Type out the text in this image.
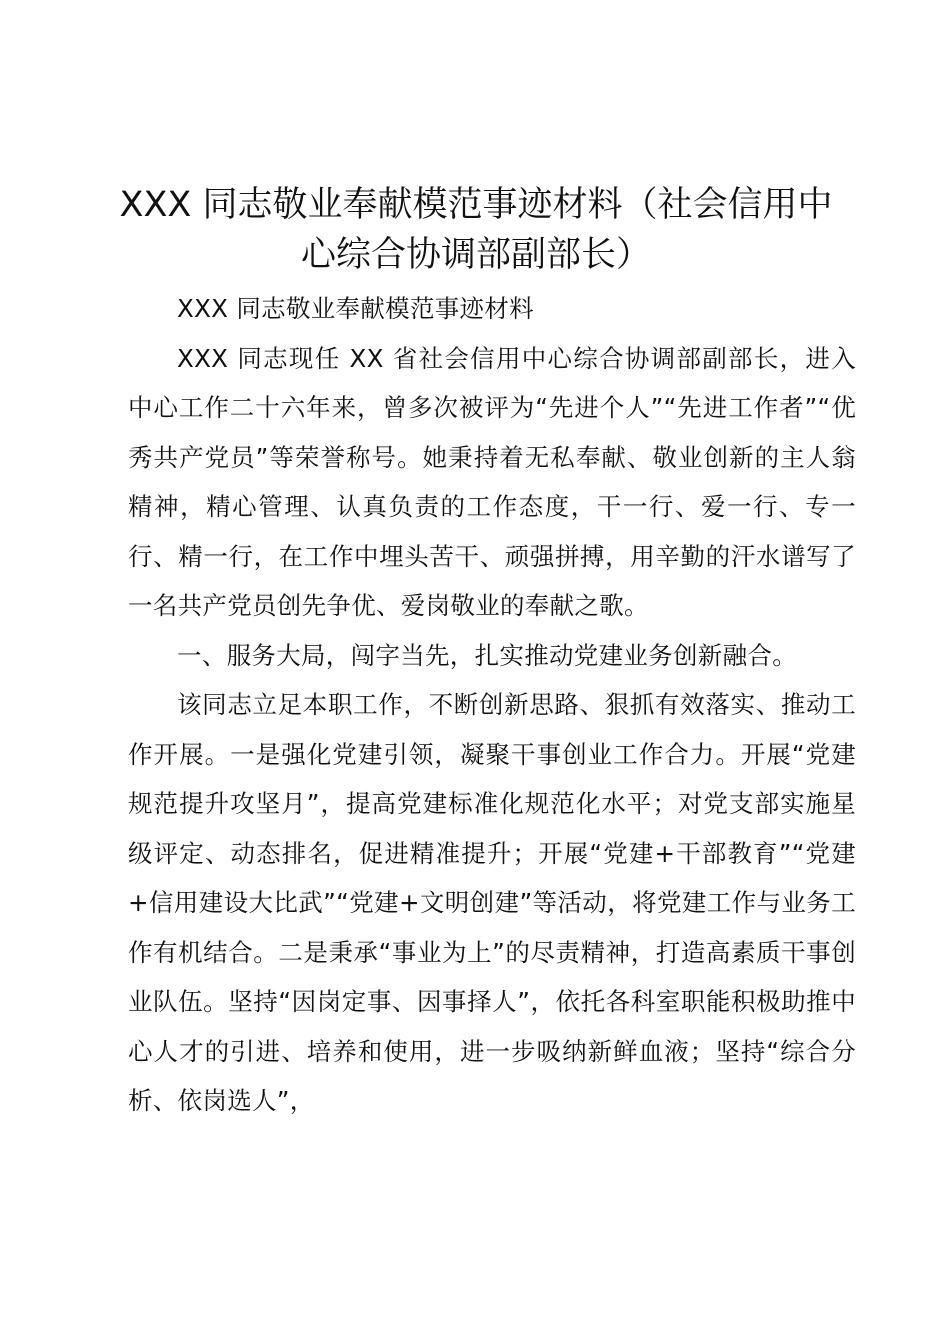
XXX 同志敬业奉献模范事迹材料（社会信用中心综合协调部副部长）

XXX 同志敬业奉献模范事迹材料

XXX 同志现任 XX 省社会信用中心综合协调部副部长，进入中心工作二十六年来，曾多次被评为“先进个人”“先进工作者”“优秀共产党员”等荣誉称号。她秉持着无私奉献、敬业创新的主人翁精神，精心管理、认真负责的工作态度，干一行、爱一行、专一行、精一行，在工作中埋头苦干、顽强拼搏，用辛勤的汗水谱写了一名共产党员创先争优、爱岗敬业的奉献之歌。

一、服务大局，闯字当先，扎实推动党建业务创新融合。

该同志立足本职工作，不断创新思路、狠抓有效落实、推动工作开展。一是强化党建引领，凝聚干事创业工作合力。开展“党建规范提升攻坚月”，提高党建标准化规范化水平；对党支部实施星级评定、动态排名，促进精准提升；开展“党建+干部教育”“党建+信用建设大比武”“党建+文明创建”等活动，将党建工作与业务工作有机结合。二是秉承“事业为上”的尽责精神，打造高素质干事创业队伍。坚持“因岗定事、因事择人”，依托各科室职能积极助推中心人才的引进、培养和使用，进一步吸纳新鲜血液；坚持“综合分析、依岗选人”，
